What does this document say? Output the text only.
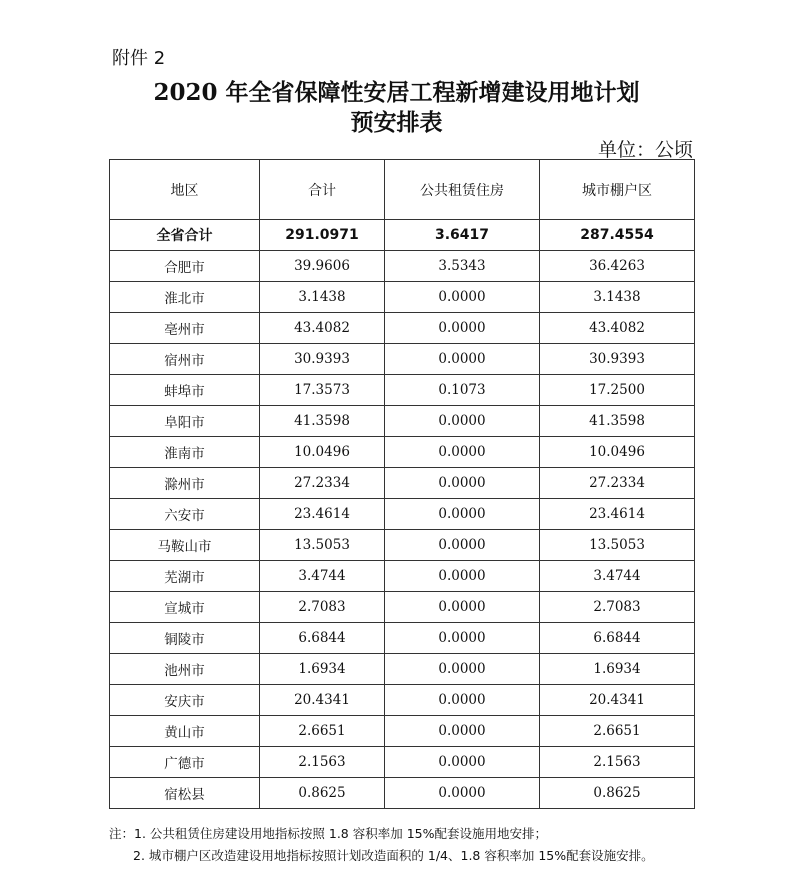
附件 2
2020 年全省保障性安居工程新增建设用地计划
预安排表
单位：公顷
地区	合计	公共租赁住房	城市棚户区
全省合计	291.0971	3.6417	287.4554
合肥市	39.9606	3.5343	36.4263
淮北市	3.1438	0.0000	3.1438
亳州市	43.4082	0.0000	43.4082
宿州市	30.9393	0.0000	30.9393
蚌埠市	17.3573	0.1073	17.2500
阜阳市	41.3598	0.0000	41.3598
淮南市	10.0496	0.0000	10.0496
滁州市	27.2334	0.0000	27.2334
六安市	23.4614	0.0000	23.4614
马鞍山市	13.5053	0.0000	13.5053
芜湖市	3.4744	0.0000	3.4744
宣城市	2.7083	0.0000	2.7083
铜陵市	6.6844	0.0000	6.6844
池州市	1.6934	0.0000	1.6934
安庆市	20.4341	0.0000	20.4341
黄山市	2.6651	0.0000	2.6651
广德市	2.1563	0.0000	2.1563
宿松县	0.8625	0.0000	0.8625
注：1. 公共租赁住房建设用地指标按照 1.8 容积率加 15%配套设施用地安排；
2. 城市棚户区改造建设用地指标按照计划改造面积的 1/4、1.8 容积率加 15%配套设施安排。
